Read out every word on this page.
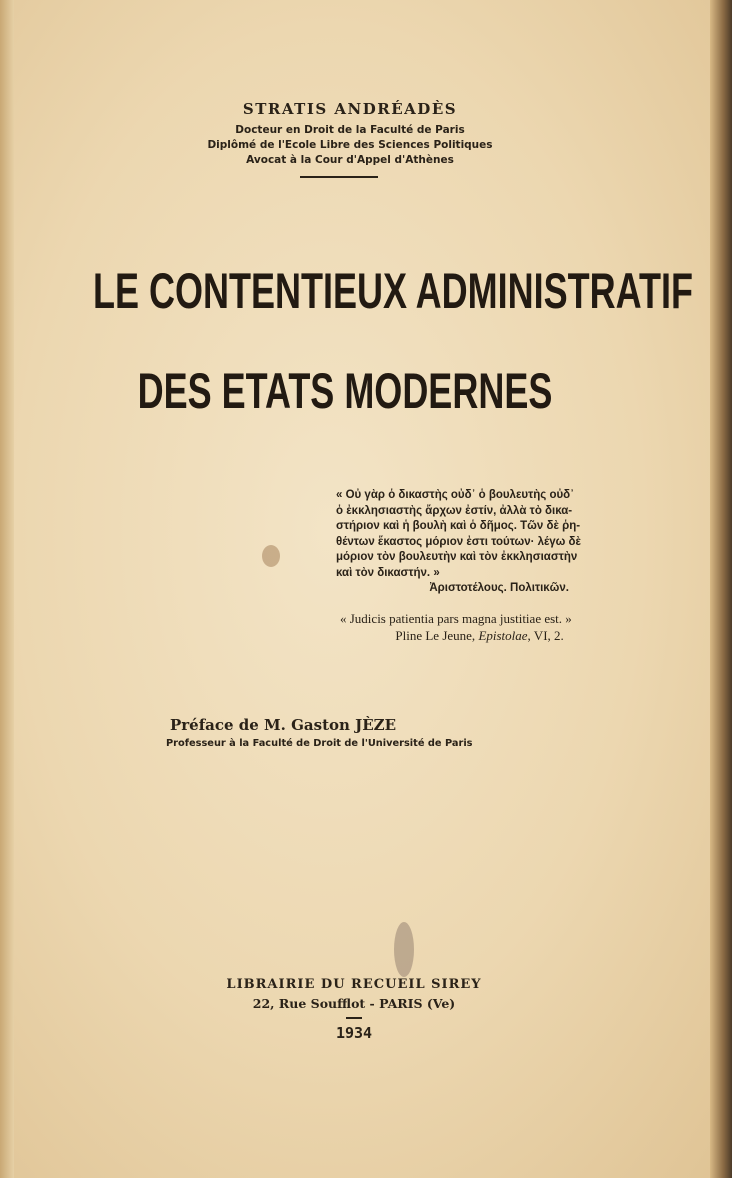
STRATIS ANDRÉADÈS
Docteur en Droit de la Faculté de Paris
Diplômé de l'Ecole Libre des Sciences Politiques
Avocat à la Cour d'Appel d'Athènes
LE CONTENTIEUX ADMINISTRATIF
DES ETATS MODERNES
« Οὐ γὰρ ὁ δικαστὴς οὐδ᾽ ὁ βουλευτὴς οὐδ᾽
ὁ ἐκκλησιαστὴς ἄρχων ἐστίν, ἀλλὰ τὸ δικα-
στήριον καὶ ἡ βουλὴ καὶ ὁ δῆμος. Τῶν δὲ ῥη-
θέντων ἕκαστος μόριον ἐστι τούτων· λέγω δὲ
μόριον τὸν βουλευτὴν καὶ τὸν ἐκκλησιαστὴν
καὶ τὸν δικαστήν. »
Ἀριστοτέλους. Πολιτικῶν.
« Judicis patientia pars magna justitiae est. »
Pline Le Jeune, Epistolae, VI, 2.
Préface de M. Gaston JÈZE
Professeur à la Faculté de Droit de l'Université de Paris
LIBRAIRIE DU RECUEIL SIREY
22, Rue Soufflot - PARIS (Ve)
1934
